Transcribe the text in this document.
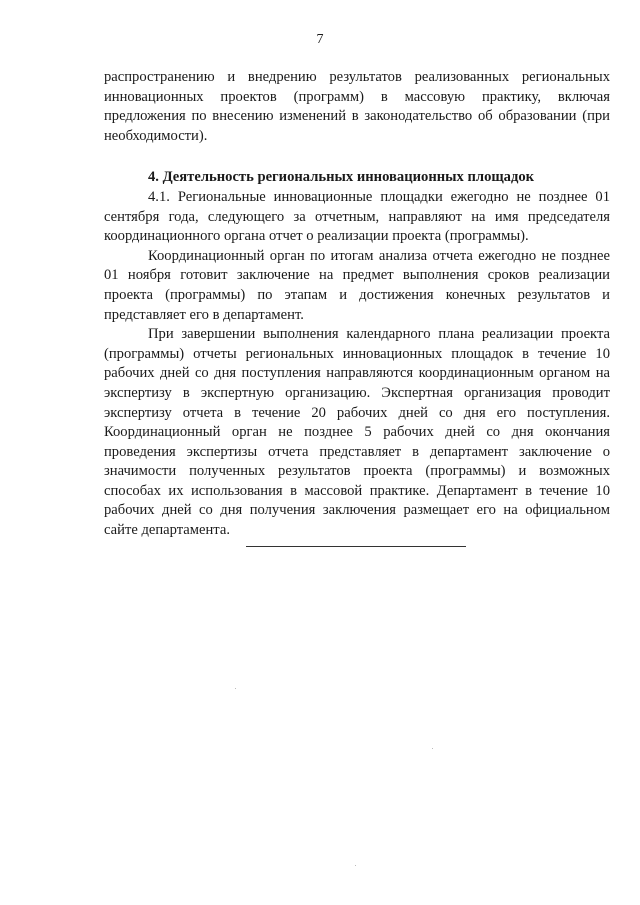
7

распространению и внедрению результатов реализованных региональных инновационных проектов (программ) в массовую практику, включая предложения по внесению изменений в законодательство об образовании (при необходимости).

4. Деятельность региональных инновационных площадок

4.1. Региональные инновационные площадки ежегодно не позднее 01 сентября года, следующего за отчетным, направляют на имя председателя координационного органа отчет о реализации проекта (программы).

Координационный орган по итогам анализа отчета ежегодно не позднее 01 ноября готовит заключение на предмет выполнения сроков реализации проекта (программы) по этапам и достижения конечных результатов и представляет его в департамент.

При завершении выполнения календарного плана реализации проекта (программы) отчеты региональных инновационных площадок в течение 10 рабочих дней со дня поступления направляются координационным органом на экспертизу в экспертную организацию. Экспертная организация проводит экспертизу отчета в течение 20 рабочих дней со дня его поступления. Координационный орган не позднее 5 рабочих дней со дня окончания проведения экспертизы отчета представляет в департамент заключение о значимости полученных результатов проекта (программы) и возможных способах их использования в массовой практике. Департамент в течение 10 рабочих дней со дня получения заключения размещает его на официальном сайте департамента.
